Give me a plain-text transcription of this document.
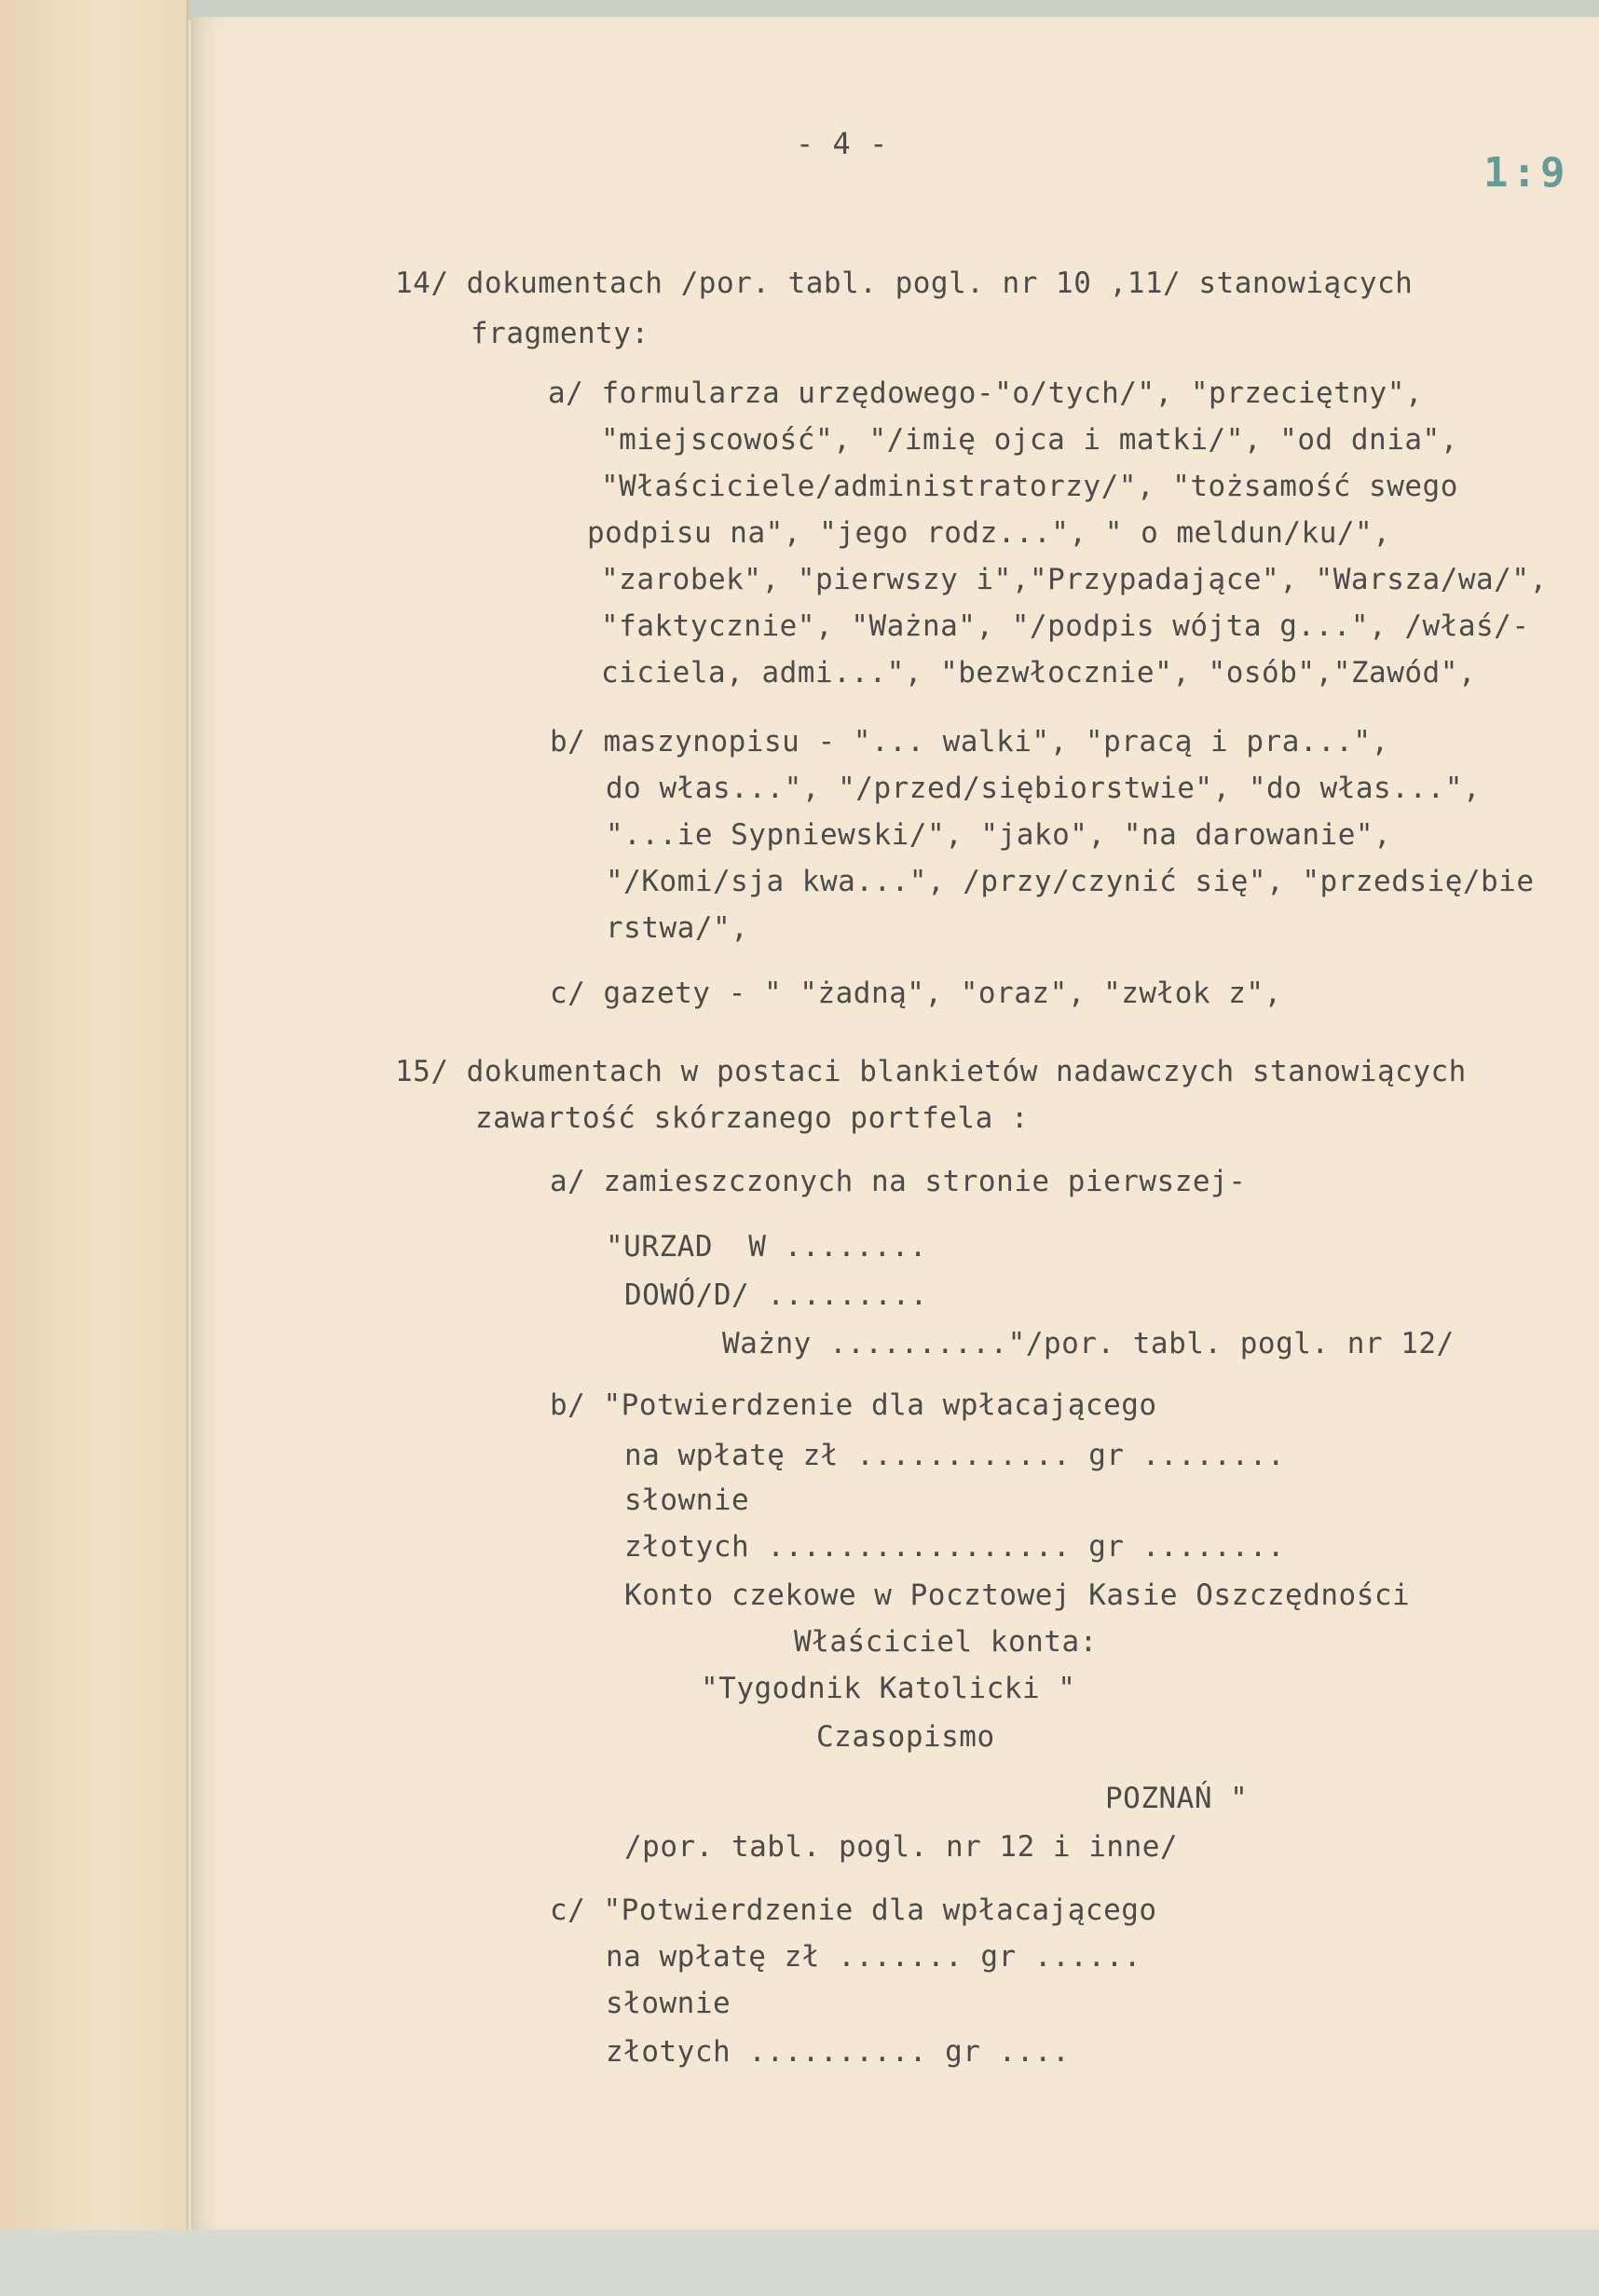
- 4 -
1:9
14/ dokumentach /por. tabl. pogl. nr 10 ,11/ stanowiących
fragmenty:
a/ formularza urzędowego-"o/tych/", "przeciętny",
"miejscowość", "/imię ojca i matki/", "od dnia",
"Właściciele/administratorzy/", "tożsamość swego
podpisu na", "jego rodz...", " o meldun/ku/",
"zarobek", "pierwszy i","Przypadające", "Warsza/wa/",
"faktycznie", "Ważna", "/podpis wójta g...", /właś/-
ciciela, admi...", "bezwłocznie", "osób","Zawód",
b/ maszynopisu - "... walki", "pracą i pra...",
do włas...", "/przed/siębiorstwie", "do włas...",
"...ie Sypniewski/", "jako", "na darowanie",
"/Komi/sja kwa...", /przy/czynić się", "przedsię/bie
rstwa/",
c/ gazety - " "żadną", "oraz", "zwłok z",
15/ dokumentach w postaci blankietów nadawczych stanowiących
zawartość skórzanego portfela :
a/ zamieszczonych na stronie pierwszej-
"URZAD  W ........
DOWÓ/D/ .........
Ważny .........."/por. tabl. pogl. nr 12/
b/ "Potwierdzenie dla wpłacającego
na wpłatę zł ............ gr ........
słownie
złotych ................. gr ........
Konto czekowe w Pocztowej Kasie Oszczędności
Właściciel konta:
"Tygodnik Katolicki "
Czasopismo
POZNAŃ "
/por. tabl. pogl. nr 12 i inne/
c/ "Potwierdzenie dla wpłacającego
na wpłatę zł ....... gr ......
słownie
złotych .......... gr ....
